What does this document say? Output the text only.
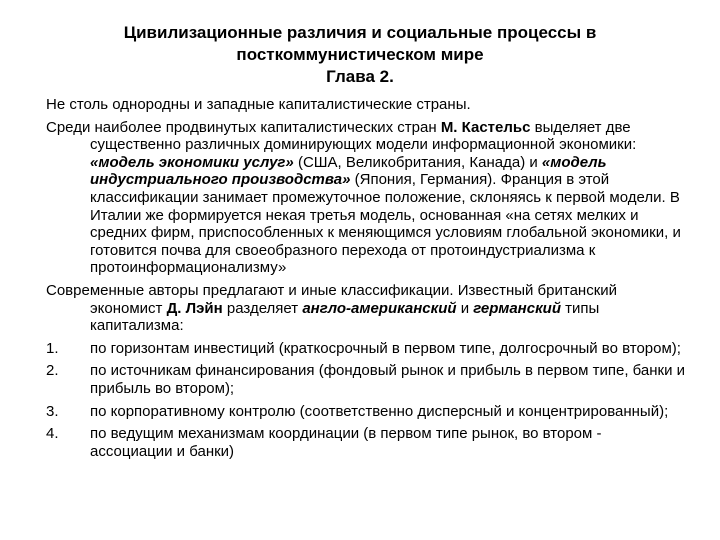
Цивилизационные различия и социальные процессы в
посткоммунистическом мире
Глава 2.

Не столь однородны и западные капиталистические страны.

Среди наиболее продвинутых капиталистических стран М. Кастельс выделяет две существенно различных доминирующих модели информационной экономики: «модель экономики услуг» (США, Великобритания, Канада) и «модель индустриального производства» (Япония, Германия). Франция в этой классификации занимает промежуточное положение, склоняясь к первой модели. В Италии же формируется некая третья модель, основанная «на сетях мелких и средних фирм, приспособленных к меняющимся условиям глобальной экономики, и готовится почва для своеобразного перехода от протоиндустриализма к протоинформационализму»

Современные авторы предлагают и иные классификации. Известный британский экономист Д. Лэйн разделяет англо-американский и германский типы капитализма:

1. по горизонтам инвестиций (краткосрочный в первом типе, долгосрочный во втором);
2. по источникам финансирования (фондовый рынок и прибыль в первом типе, банки и прибыль во втором);
3. по корпоративному контролю (соответственно дисперсный и концентрированный);
4. по ведущим механизмам координации (в первом типе рынок, во втором - ассоциации и банки)
